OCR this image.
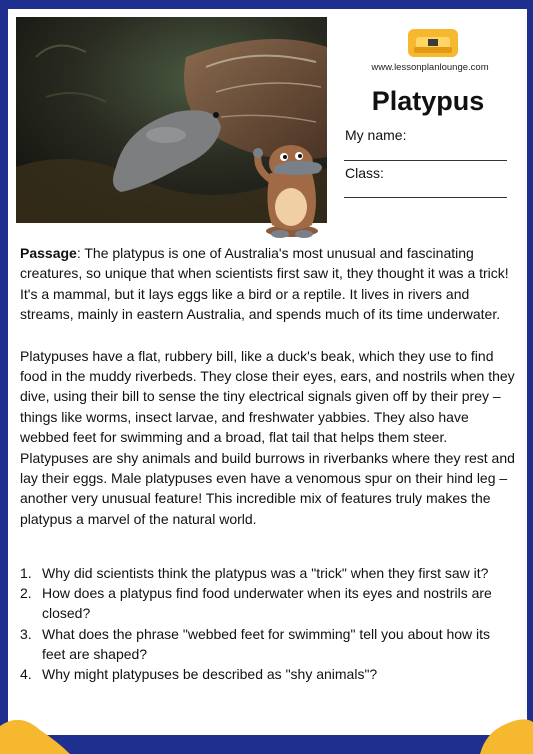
www.lessonplanlounge.com
Platypus
My name:
Class:

Passage: The platypus is one of Australia's most unusual and fascinating creatures, so unique that when scientists first saw it, they thought it was a trick! It's a mammal, but it lays eggs like a bird or a reptile. It lives in rivers and streams, mainly in eastern Australia, and spends much of its time underwater.

Platypuses have a flat, rubbery bill, like a duck's beak, which they use to find food in the muddy riverbeds. They close their eyes, ears, and nostrils when they dive, using their bill to sense the tiny electrical signals given off by their prey – things like worms, insect larvae, and freshwater yabbies. They also have webbed feet for swimming and a broad, flat tail that helps them steer. Platypuses are shy animals and build burrows in riverbanks where they rest and lay their eggs. Male platypuses even have a venomous spur on their hind leg – another very unusual feature! This incredible mix of features truly makes the platypus a marvel of the natural world.

1. Why did scientists think the platypus was a "trick" when they first saw it?
2. How does a platypus find food underwater when its eyes and nostrils are closed?
3. What does the phrase "webbed feet for swimming" tell you about how its feet are shaped?
4. Why might platypuses be described as "shy animals"?
